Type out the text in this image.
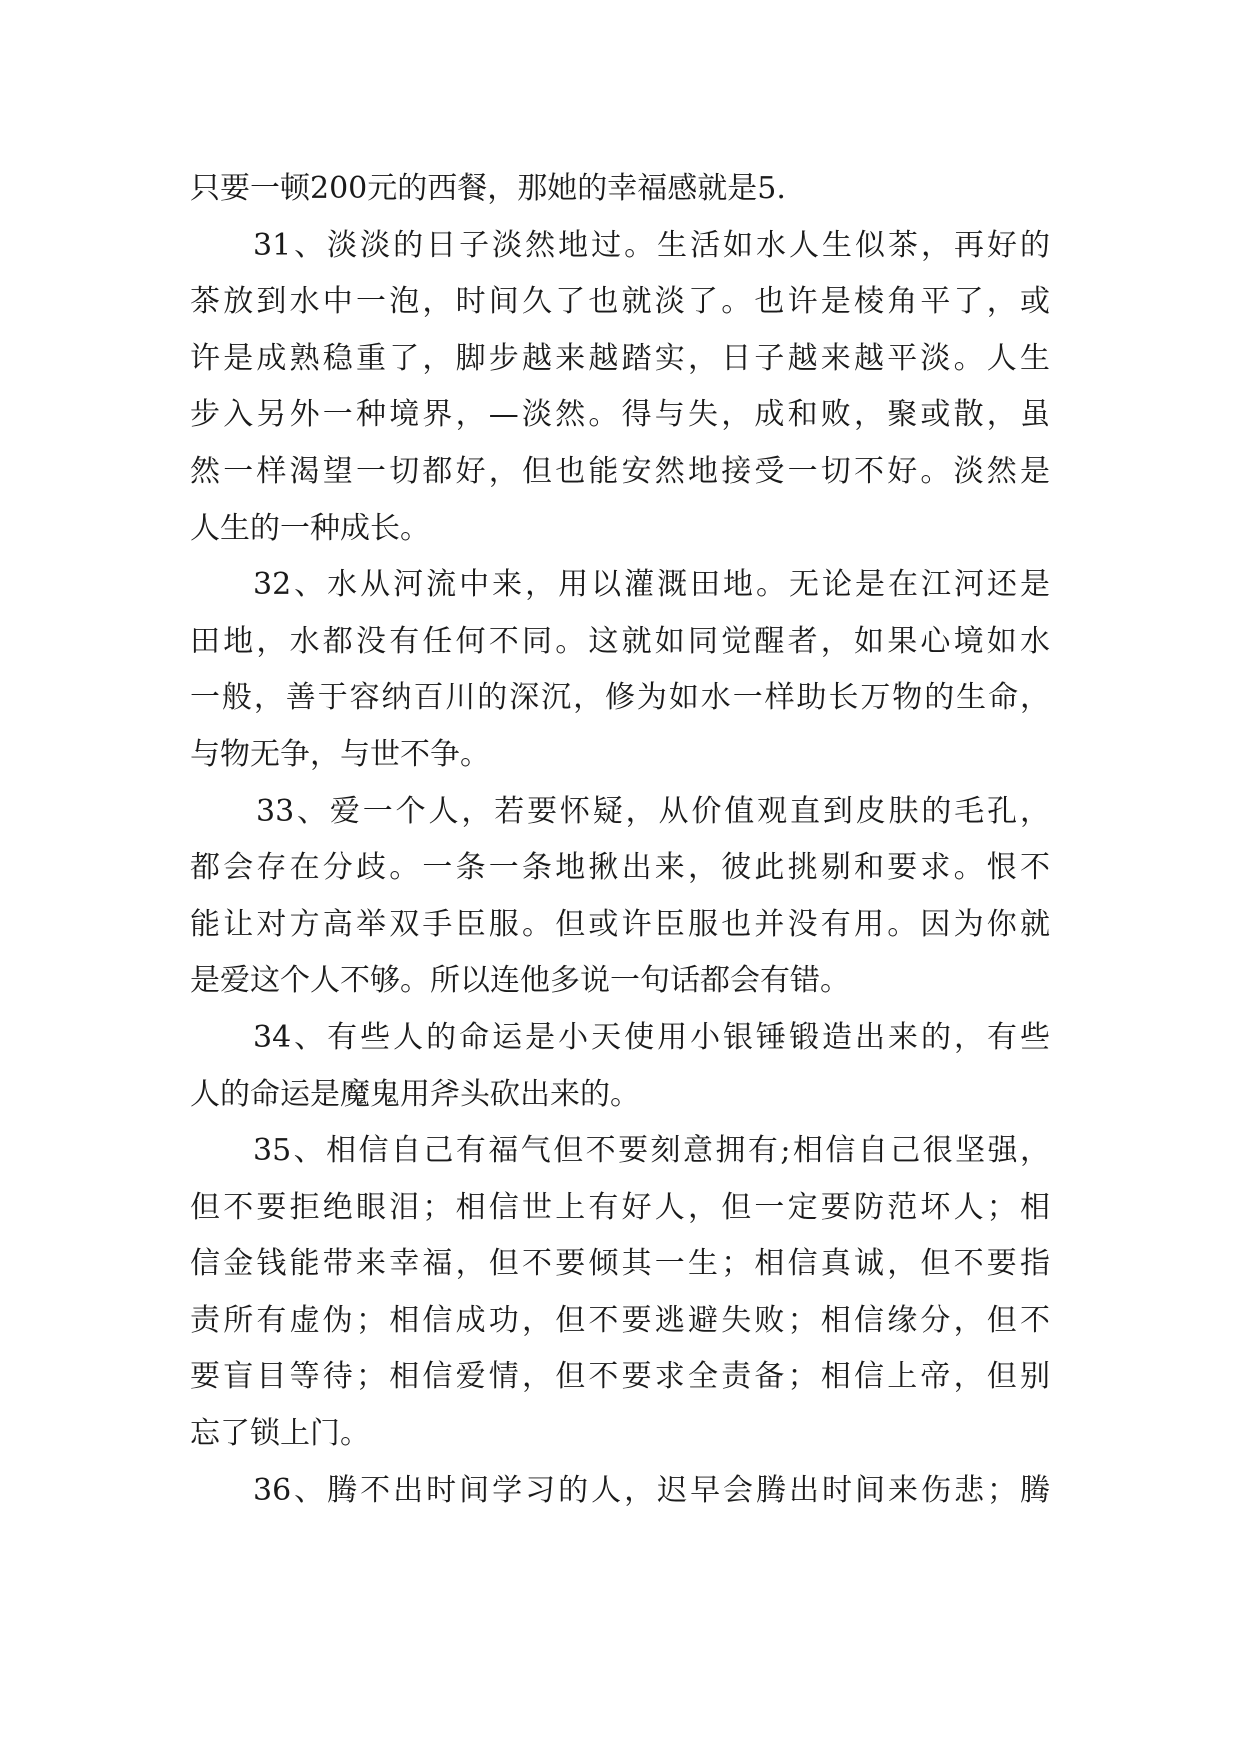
只要一顿200元的西餐，那她的幸福感就是5.
31、淡淡的日子淡然地过。生活如水人生似茶，再好的
茶放到水中一泡，时间久了也就淡了。也许是棱角平了，或
许是成熟稳重了，脚步越来越踏实，日子越来越平淡。人生
步入另外一种境界，—淡然。得与失，成和败，聚或散，虽
然一样渴望一切都好，但也能安然地接受一切不好。淡然是
人生的一种成长。
32、水从河流中来，用以灌溉田地。无论是在江河还是
田地，水都没有任何不同。这就如同觉醒者，如果心境如水
一般，善于容纳百川的深沉，修为如水一样助长万物的生命，
与物无争，与世不争。
33、爱一个人，若要怀疑，从价值观直到皮肤的毛孔，
都会存在分歧。一条一条地揪出来，彼此挑剔和要求。恨不
能让对方高举双手臣服。但或许臣服也并没有用。因为你就
是爱这个人不够。所以连他多说一句话都会有错。
34、有些人的命运是小天使用小银锤锻造出来的，有些
人的命运是魔鬼用斧头砍出来的。
35、相信自己有福气但不要刻意拥有;相信自己很坚强，
但不要拒绝眼泪；相信世上有好人，但一定要防范坏人；相
信金钱能带来幸福，但不要倾其一生；相信真诚，但不要指
责所有虚伪；相信成功，但不要逃避失败；相信缘分，但不
要盲目等待；相信爱情，但不要求全责备；相信上帝，但别
忘了锁上门。
36、腾不出时间学习的人，迟早会腾出时间来伤悲；腾
